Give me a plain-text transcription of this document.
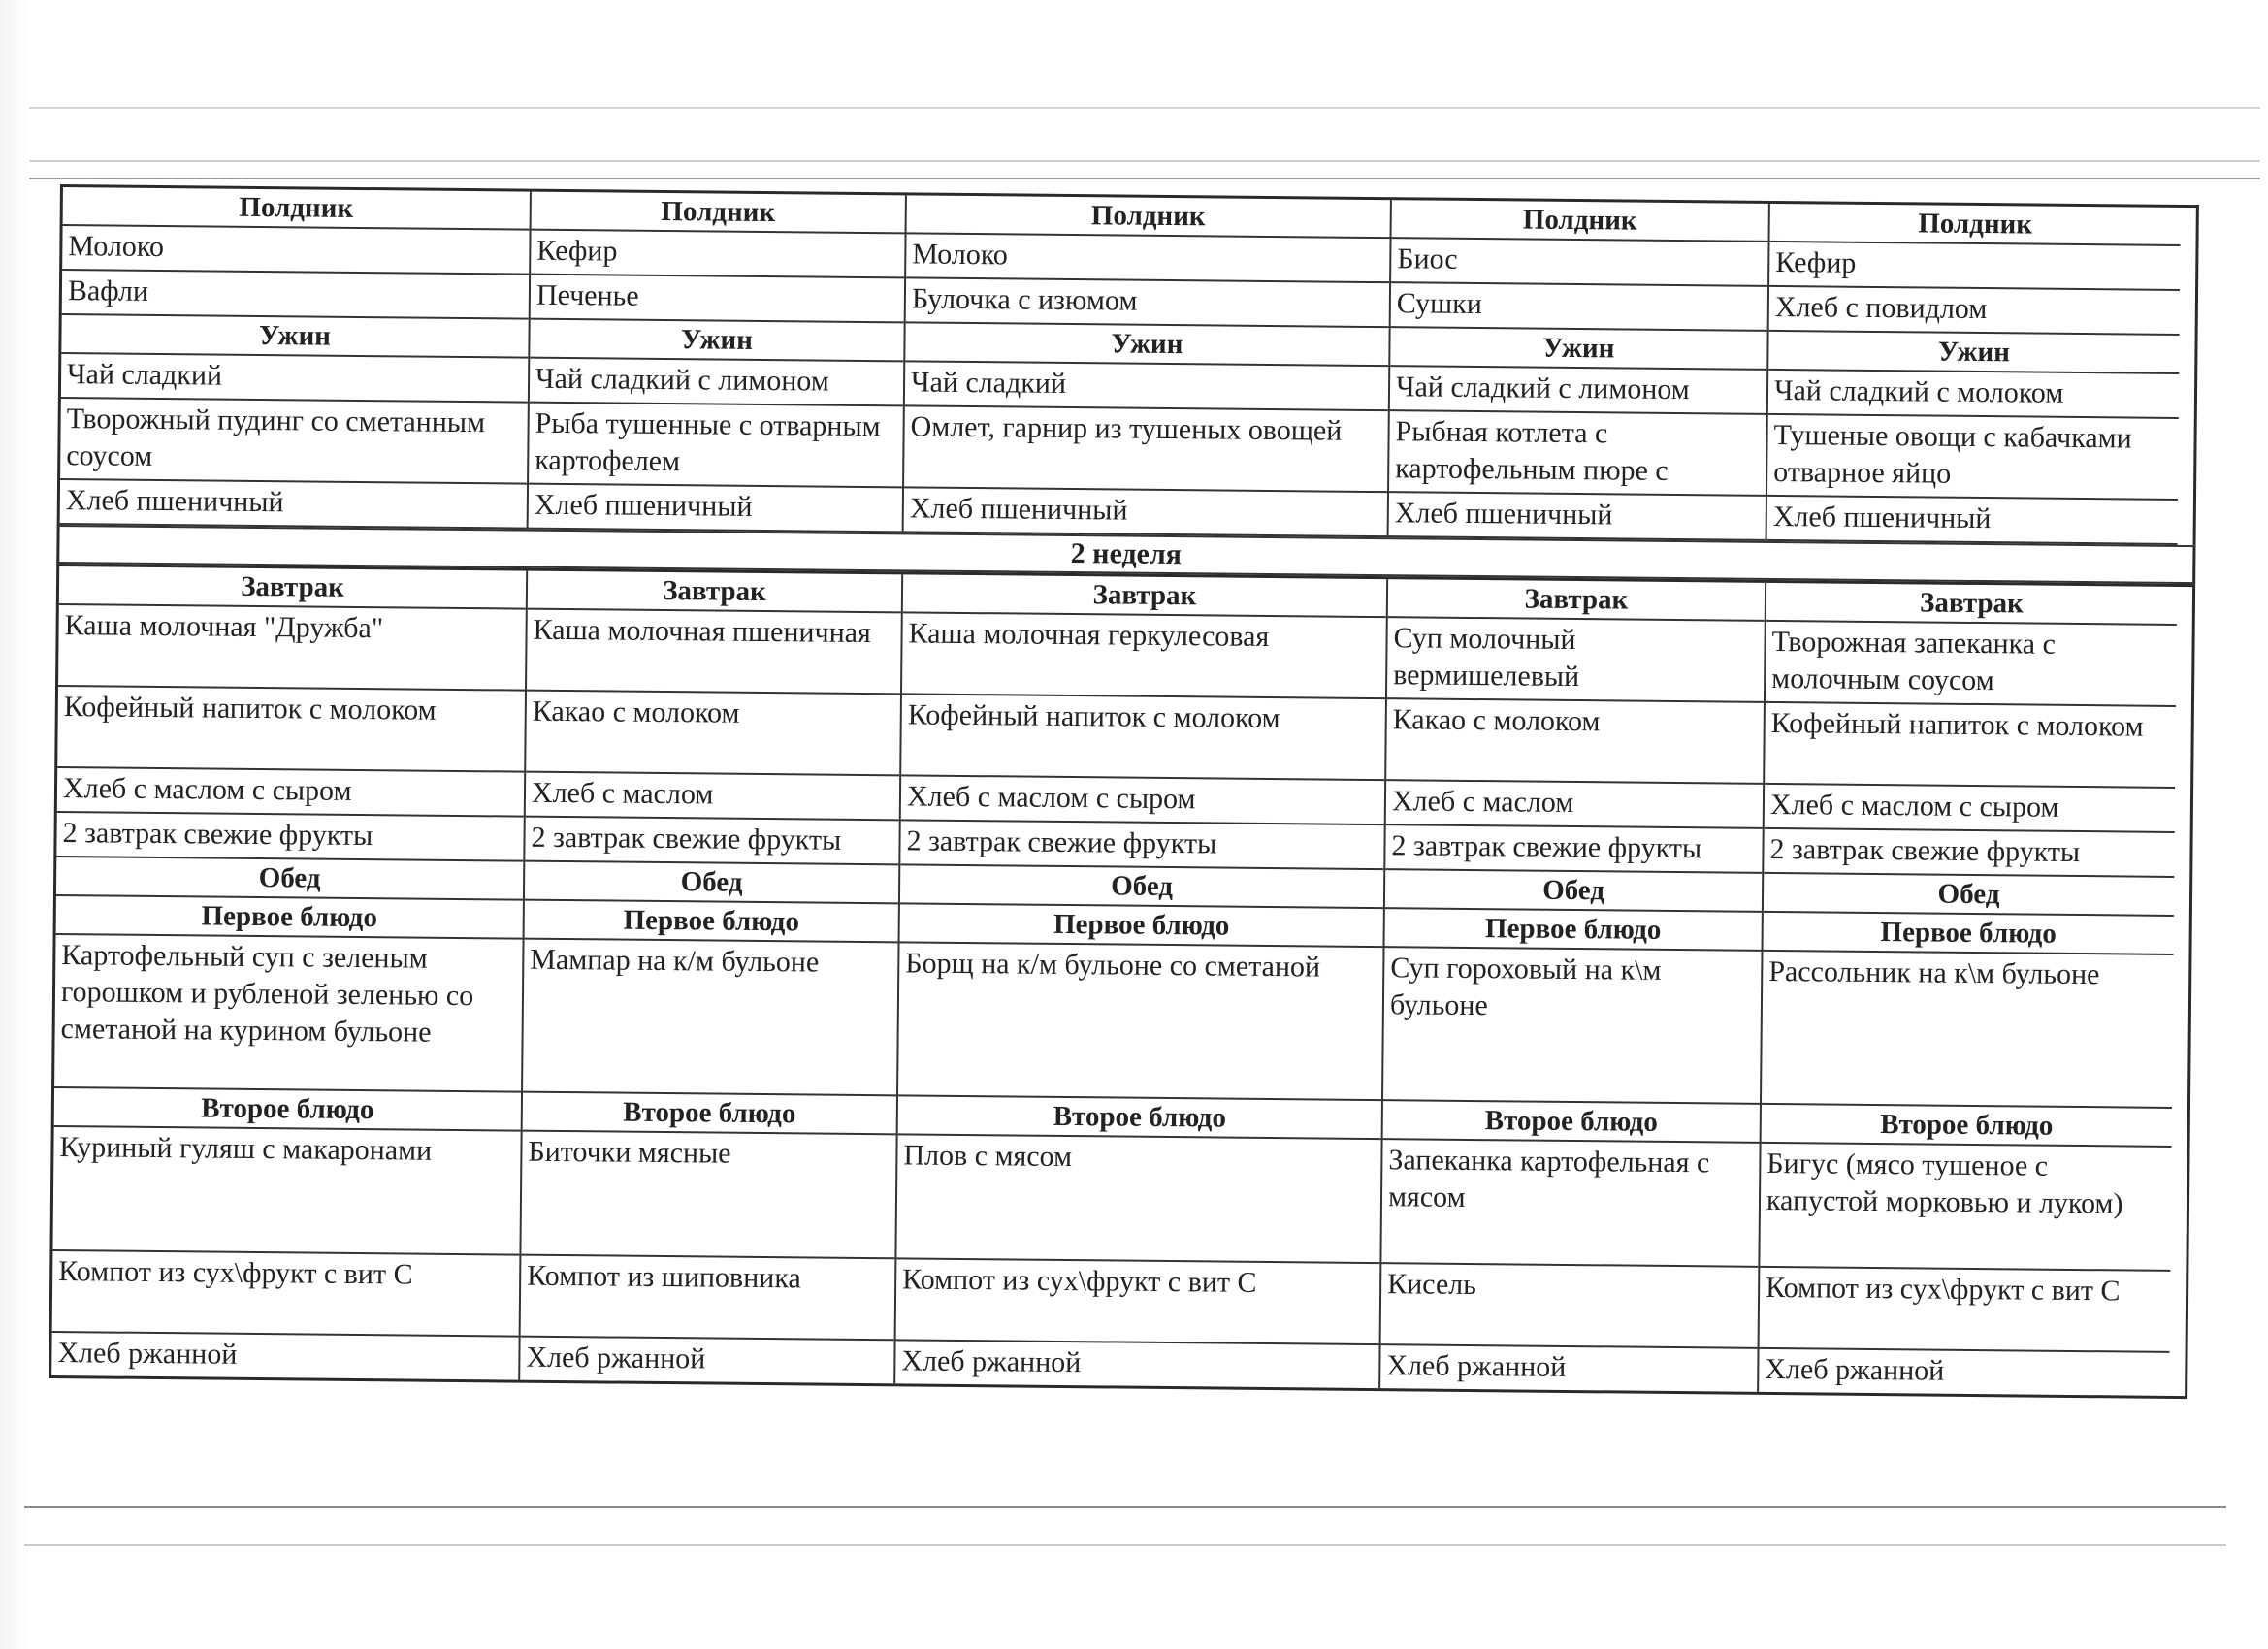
Полдник
Молоко
Вафли
Ужин
Чай сладкий
Творожный пудинг со сметанным соусом
Хлеб пшеничный
Полдник
Кефир
Печенье
Ужин
Чай сладкий с лимоном
Рыба тушенные с отварным картофелем
Хлеб пшеничный
Полдник
Молоко
Булочка с изюмом
Ужин
Чай сладкий
Омлет, гарнир из тушеных овощей
Хлеб пшеничный
Полдник
Биос
Сушки
Ужин
Чай сладкий с лимоном
Рыбная котлета с картофельным пюре с
Хлеб пшеничный
Полдник
Кефир
Хлеб с повидлом
Ужин
Чай сладкий с молоком
Тушеные овощи с кабачками отварное яйцо
Хлеб пшеничный
2 неделя
Завтрак
Каша молочная "Дружба"
Кофейный напиток с молоком
Хлеб с маслом с сыром
2 завтрак свежие фрукты
Обед
Первое блюдо
Картофельный суп с зеленым горошком и рубленой зеленью со сметаной на курином бульоне
Второе блюдо
Куриный гуляш с макаронами
Компот из сух\фрукт с вит С
Хлеб ржанной
Завтрак
Каша молочная пшеничная
Какао с молоком
Хлеб с маслом
2 завтрак свежие фрукты
Обед
Первое блюдо
Мампар на к/м бульоне
Второе блюдо
Биточки мясные
Компот из шиповника
Хлеб ржанной
Завтрак
Каша молочная геркулесовая
Кофейный напиток с молоком
Хлеб с маслом с сыром
2 завтрак свежие фрукты
Обед
Первое блюдо
Борщ на к/м бульоне со сметаной
Второе блюдо
Плов с мясом
Компот из сух\фрукт с вит С
Хлеб ржанной
Завтрак
Суп молочный вермишелевый
Какао с молоком
Хлеб с маслом
2 завтрак свежие фрукты
Обед
Первое блюдо
Суп гороховый на к\м бульоне
Второе блюдо
Запеканка картофельная с мясом
Кисель
Хлеб ржанной
Завтрак
Творожная запеканка с молочным соусом
Кофейный напиток с молоком
Хлеб с маслом с сыром
2 завтрак свежие фрукты
Обед
Первое блюдо
Рассольник на к\м бульоне
Второе блюдо
Бигус (мясо тушеное с капустой морковью и луком)
Компот из сух\фрукт с вит С
Хлеб ржанной
